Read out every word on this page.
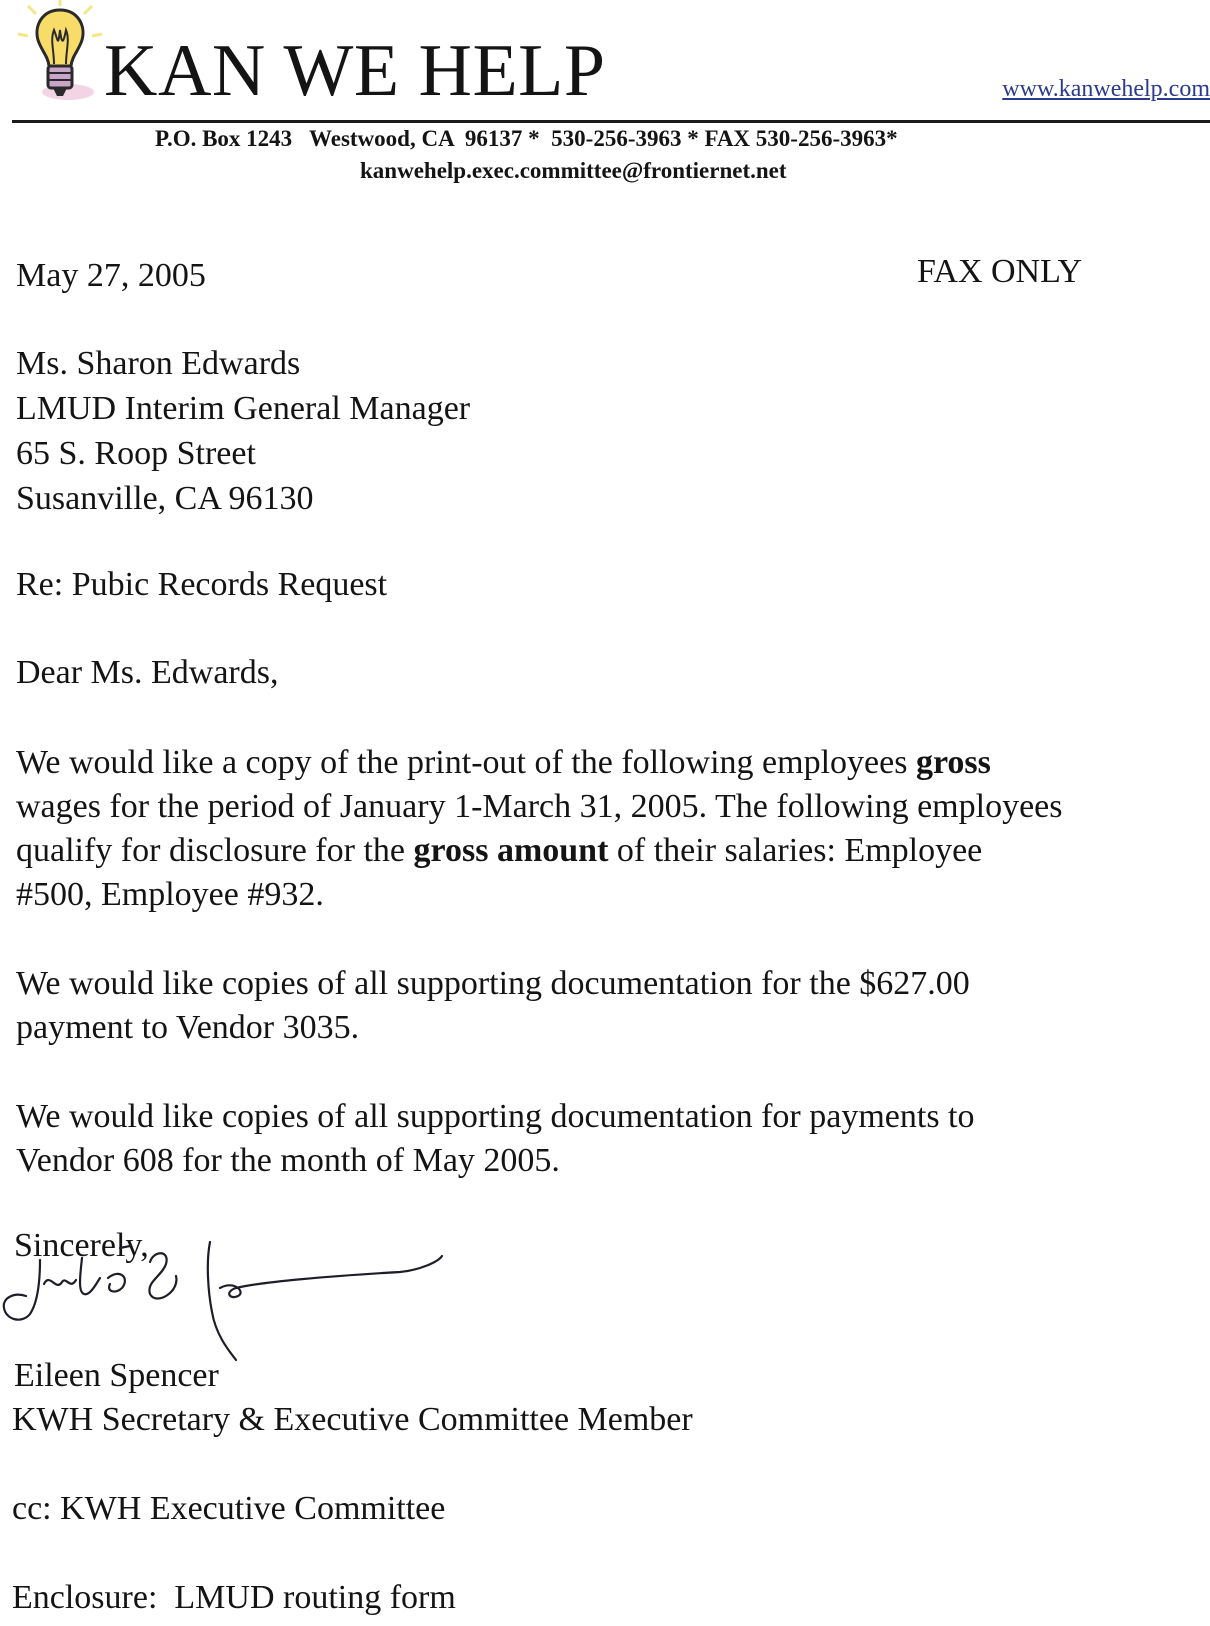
KAN WE HELP	www.kanwehelp.com
P.O. Box 1243   Westwood, CA  96137 *  530-256-3963 * FAX 530-256-3963*
kanwehelp.exec.committee@frontiernet.net
May 27, 2005	FAX ONLY
Ms. Sharon Edwards
LMUD Interim General Manager
65 S. Roop Street
Susanville, CA 96130
Re: Pubic Records Request
Dear Ms. Edwards,
We would like a copy of the print-out of the following employees gross
wages for the period of January 1-March 31, 2005. The following employees
qualify for disclosure for the gross amount of their salaries: Employee
#500, Employee #932.
We would like copies of all supporting documentation for the $627.00
payment to Vendor 3035.
We would like copies of all supporting documentation for payments to
Vendor 608 for the month of May 2005.
Sincerely,
Eileen Spencer
KWH Secretary & Executive Committee Member
cc: KWH Executive Committee
Enclosure:  LMUD routing form
